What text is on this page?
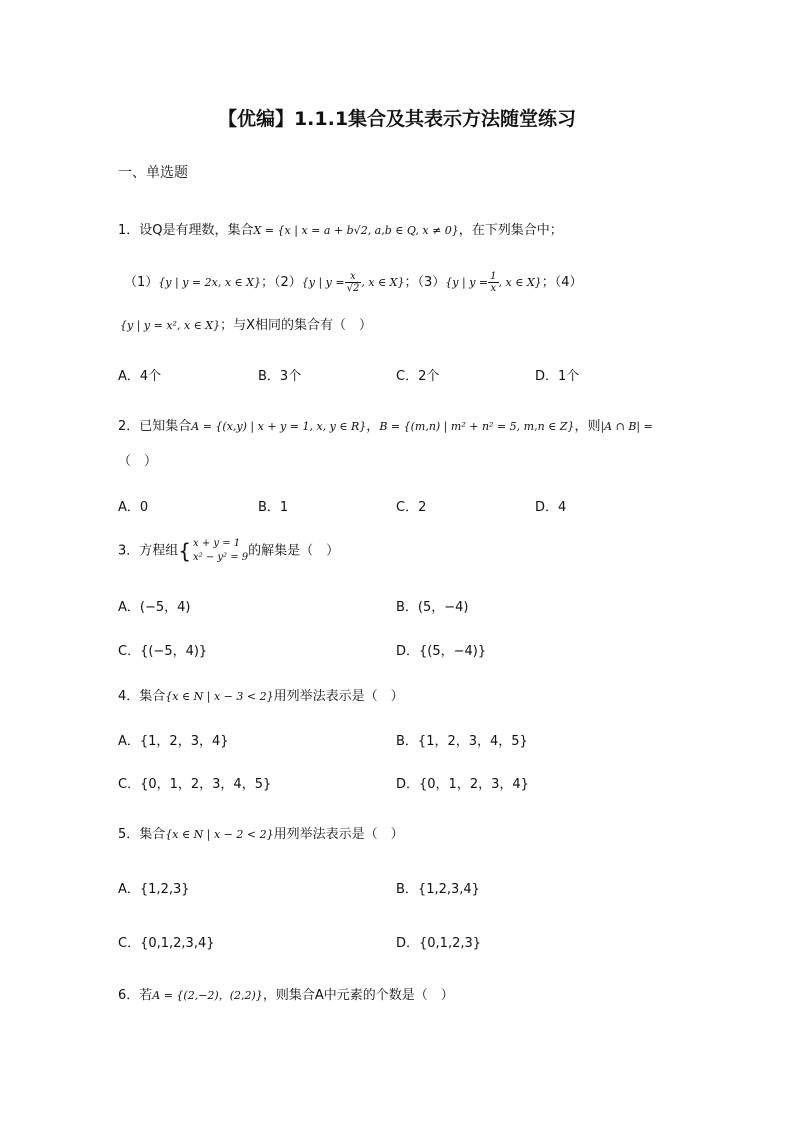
【优编】1.1.1集合及其表示方法随堂练习
一、单选题
1．设Q是有理数，集合X = {x | x = a + b√2, a,b ∈ Q, x ≠ 0}，在下列集合中；
（1）{y | y = 2x, x ∈ X}；（2）{y | $y = \frac{x}{√2}$ , x ∈ X}；（3）{y | $y = \frac{1}{x}$ , x ∈ X}；（4）
{y | y = x², x ∈ X}；与X相同的集合有（　）
A．4个	B．3个	C．2个	D．1个
2．已知集合A = {(x,y) | x + y = 1, x, y ∈ R}，B = {(m,n) | m² + n² = 5, m,n ∈ Z}，则|A ∩ B| =
（　）
A．0	B．1	C．2	D．4
3．方程组{ x + y = 1
x² − y² = 9 的解集是（　）
A．(−5，4)	B．(5，−4)
C．{(−5，4)}	D．{(5，−4)}
4．集合{x ∈ N | x − 3 < 2}用列举法表示是（　）
A．{1，2，3，4}	B．{1，2，3，4，5}
C．{0，1，2，3，4，5}	D．{0，1，2，3，4}
5．集合{x ∈ N | x − 2 < 2}用列举法表示是（　）
A．{1,2,3}	B．{1,2,3,4}
C．{0,1,2,3,4}	D．{0,1,2,3}
6．若A = {(2,−2)，(2,2)}，则集合A中元素的个数是（　）
